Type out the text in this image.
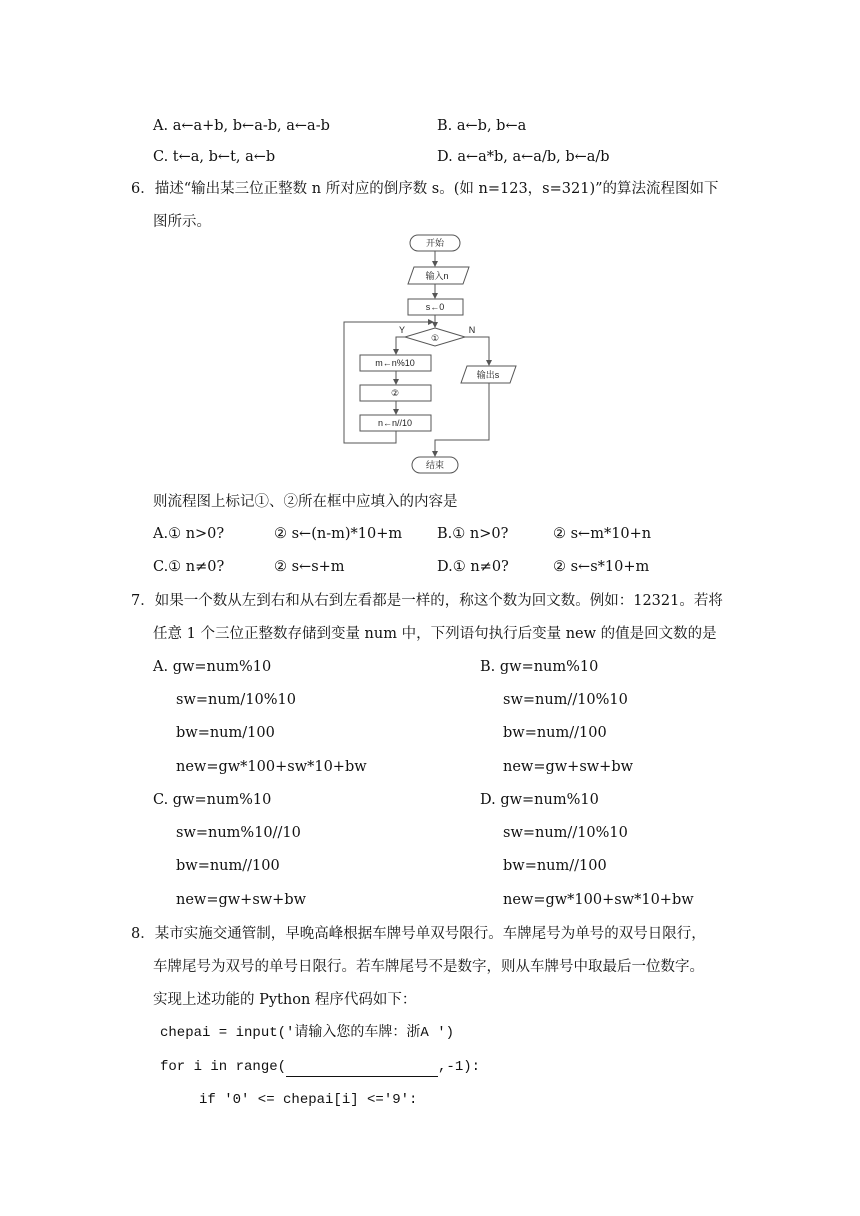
A. a←a+b, b←a-b, a←a-b	B. a←b, b←a
C. t←a, b←t, a←b	D. a←a*b, a←a/b, b←a/b
6．描述“输出某三位正整数 n 所对应的倒序数 s。(如 n=123，s=321)”的算法流程图如下
图所示。
开始
输入n
s←0
①
Y	N
m←n%10
②
n←n//10
输出s
结束
则流程图上标记①、②所在框中应填入的内容是
A.① n>0?	② s←(n-m)*10+m B.① n>0?	② s←m*10+n
C.① n≠0?	② s←s+m	D.① n≠0?	② s←s*10+m
7．如果一个数从左到右和从右到左看都是一样的，称这个数为回文数。例如：12321。若将
任意 1 个三位正整数存储到变量 num 中，下列语句执行后变量 new 的值是回文数的是
A. gw=num%10
sw=num/10%10
bw=num/100
new=gw*100+sw*10+bw
B. gw=num%10
sw=num//10%10
bw=num//100
new=gw+sw+bw
C. gw=num%10
sw=num%10//10
bw=num//100
new=gw+sw+bw
D. gw=num%10
sw=num//10%10
bw=num//100
new=gw*100+sw*10+bw
8．某市实施交通管制，早晚高峰根据车牌号单双号限行。车牌尾号为单号的双号日限行，
车牌尾号为双号的单号日限行。若车牌尾号不是数字，则从车牌号中取最后一位数字。
实现上述功能的 Python 程序代码如下：
chepai = input('请输入您的车牌：浙A ')
for i in range(	,-1):
if '0' <= chepai[i] <='9':
